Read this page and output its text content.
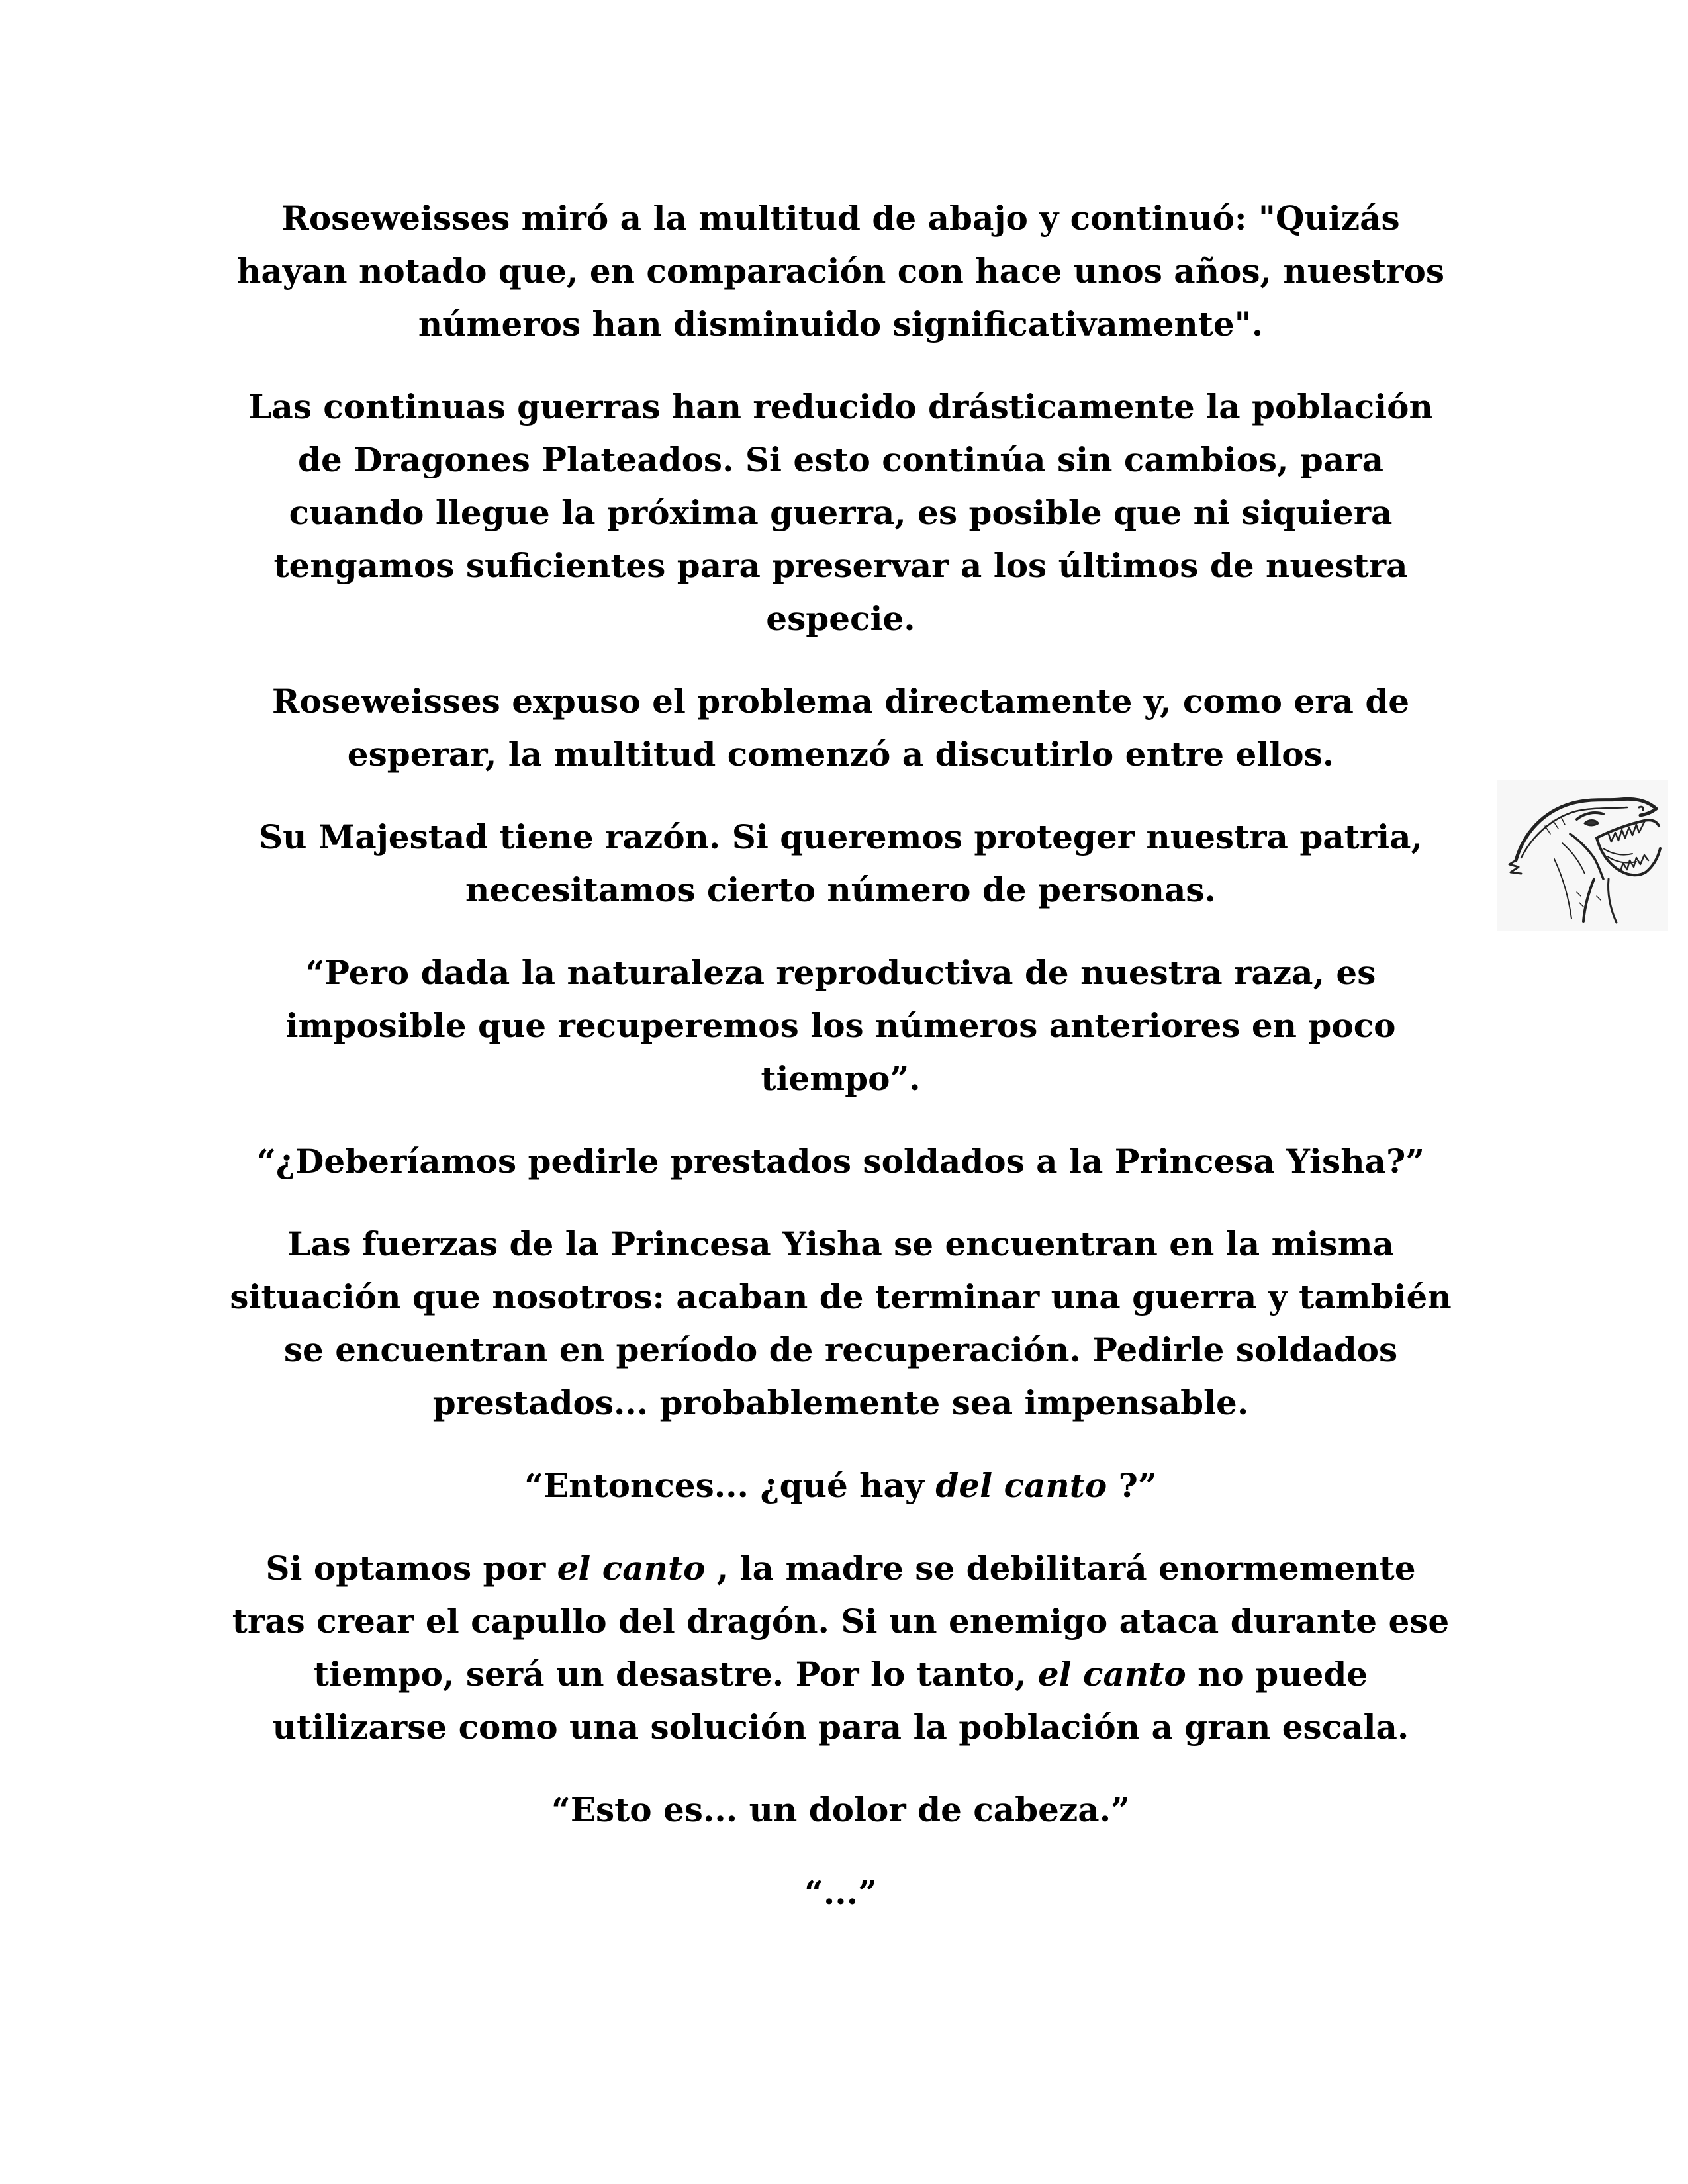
Roseweisses miró a la multitud de abajo y continuó: "Quizás hayan notado que, en comparación con hace unos años, nuestros números han disminuido significativamente".

Las continuas guerras han reducido drásticamente la población de Dragones Plateados. Si esto continúa sin cambios, para cuando llegue la próxima guerra, es posible que ni siquiera tengamos suficientes para preservar a los últimos de nuestra especie.

Roseweisses expuso el problema directamente y, como era de esperar, la multitud comenzó a discutirlo entre ellos.

Su Majestad tiene razón. Si queremos proteger nuestra patria, necesitamos cierto número de personas.

“Pero dada la naturaleza reproductiva de nuestra raza, es imposible que recuperemos los números anteriores en poco tiempo”.

“¿Deberíamos pedirle prestados soldados a la Princesa Yisha?”

Las fuerzas de la Princesa Yisha se encuentran en la misma situación que nosotros: acaban de terminar una guerra y también se encuentran en período de recuperación. Pedirle soldados prestados... probablemente sea impensable.

“Entonces... ¿qué hay del canto ?”

Si optamos por el canto , la madre se debilitará enormemente tras crear el capullo del dragón. Si un enemigo ataca durante ese tiempo, será un desastre. Por lo tanto, el canto no puede utilizarse como una solución para la población a gran escala.

“Esto es... un dolor de cabeza.”

“...”
